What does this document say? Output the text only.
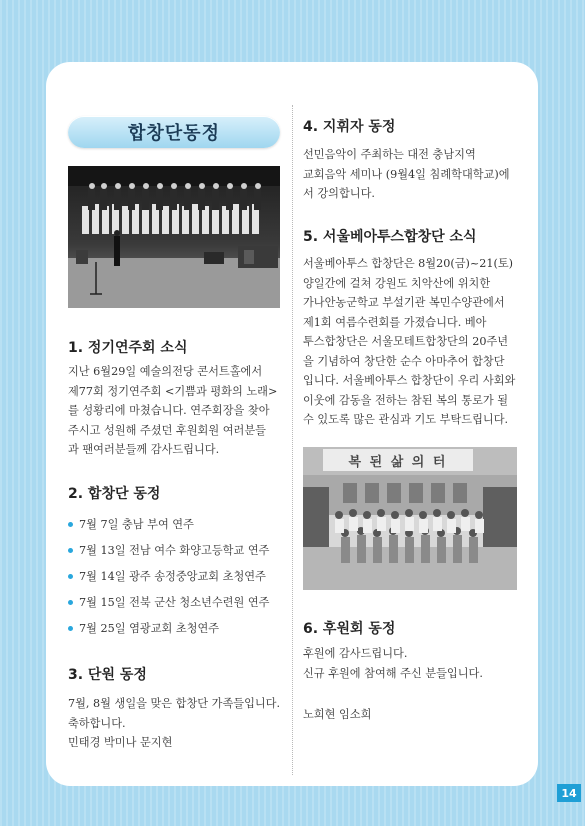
합창단동정
1. 정기연주회 소식

지난 6월29일 예술의전당 콘서트홀에서
제77회 정기연주회 <기쁨과 평화의 노래>
를 성황리에 마쳤습니다. 연주회장을 찾아
주시고 성원해 주셨던 후원회원 여러분들
과 팬여러분들께 감사드립니다.

2. 합창단 동정
7월 7일 충남 부여 연주
7월 13일 전남 여수 화양고등학교 연주
7월 14일 광주 송정중앙교회 초청연주
7월 15일 전북 군산 청소년수련원 연주
7월 25일 염광교회 초청연주
3. 단원 동정

7월, 8월 생일을 맞은 합창단 가족들입니다.
축하합니다.
민태경 박미나 문지현

4. 지휘자 동정

선민음악이 주최하는 대전 충남지역
교회음악 세미나 (9월4일 침례학대학교)에
서 강의합니다.

5. 서울베아투스합창단 소식

서울베아투스 합창단은 8월20(금)~21(토)
양일간에 걸쳐 강원도 치악산에 위치한
가나안농군학교 부설기관 복민수양관에서
제1회 여름수련회를 가졌습니다. 베아
투스합창단은 서울모테트합창단의 20주년
을 기념하여 창단한 순수 아마추어 합창단
입니다. 서울베아투스 합창단이 우리 사회와
이웃에 감동을 전하는 참된 복의 통로가 될
수 있도록 많은 관심과 기도 부탁드립니다.

복 된 삶 의 터
6. 후원회 동정

후원에 감사드립니다.
신규 후원에 참여해 주신 분들입니다.

노희현 임소희

14
